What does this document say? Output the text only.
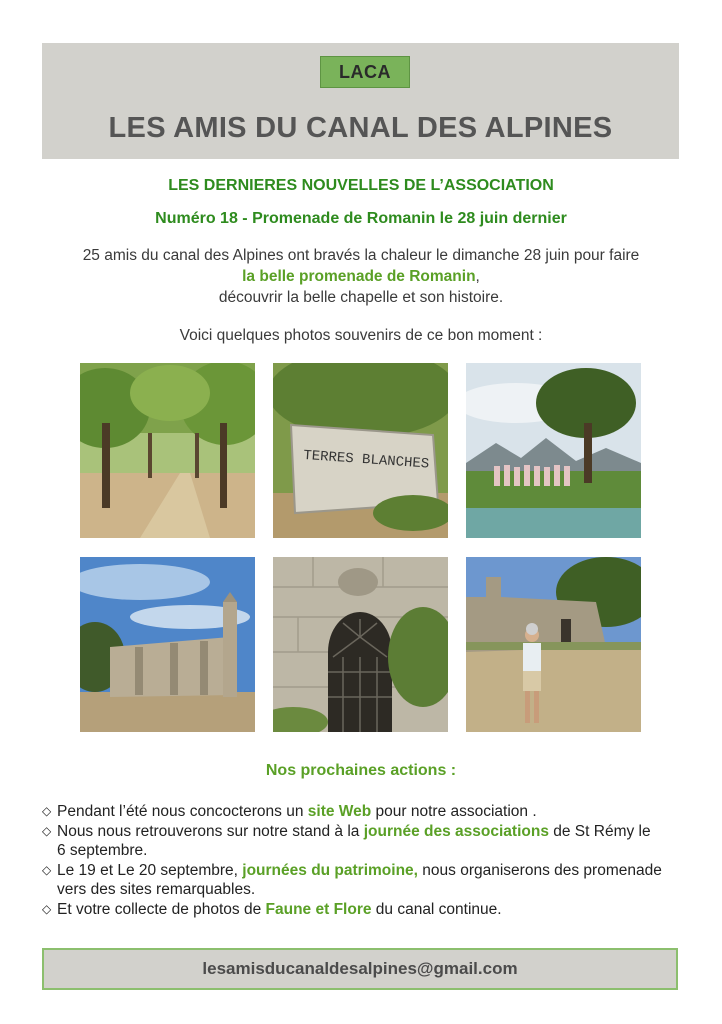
LACA
LES AMIS DU CANAL DES ALPINES
LES DERNIERES NOUVELLES DE L’ASSOCIATION
Numéro 18 - Promenade de Romanin le 28 juin dernier
25 amis du canal des Alpines ont bravés la chaleur le dimanche 28 juin pour faire
la belle promenade de Romanin,
découvrir la belle chapelle et son histoire.
Voici quelques photos souvenirs de ce bon moment :
TERRES BLANCHES
Nos prochaines actions :
◇ Pendant l’été nous concocterons un site Web pour notre association .
◇ Nous nous retrouverons sur notre stand à la journée des associations de St Rémy le 6 septembre.
◇ Le 19 et Le 20 septembre, journées du patrimoine, nous organiserons des promenade vers des sites remarquables.
◇ Et votre collecte de photos de Faune et Flore du canal continue.
lesamisducanaldesalpines@gmail.com
